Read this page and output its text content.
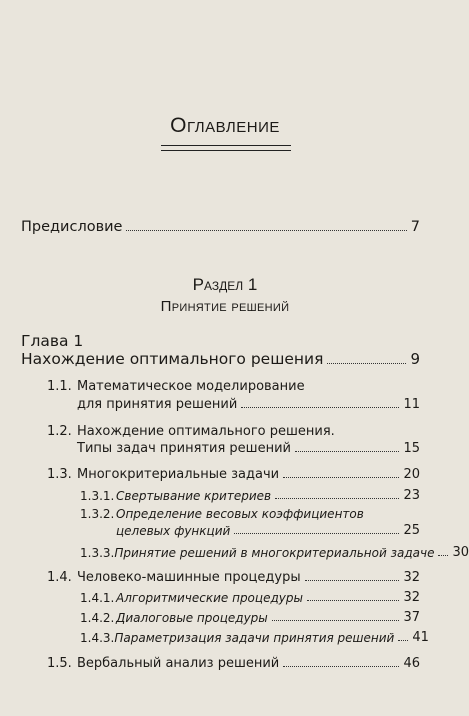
Оглавление
Предисловие	7
Раздел 1
Принятие решений
Глава 1
Нахождение оптимального решения	9
1.1. Математическое моделирование
для принятия решений	11
1.2. Нахождение оптимального решения.
Типы задач принятия решений	15
1.3. Многокритериальные задачи	20
1.3.1. Свертывание критериев	23
1.3.2. Определение весовых коэффициентов
целевых функций	25
1.3.3. Принятие решений в многокритериальной задаче 30
1.4. Человеко-машинные процедуры	32
1.4.1. Алгоритмические процедуры	32
1.4.2. Диалоговые процедуры	37
1.4.3. Параметризация задачи принятия решений 41
1.5. Вербальный анализ решений	46
